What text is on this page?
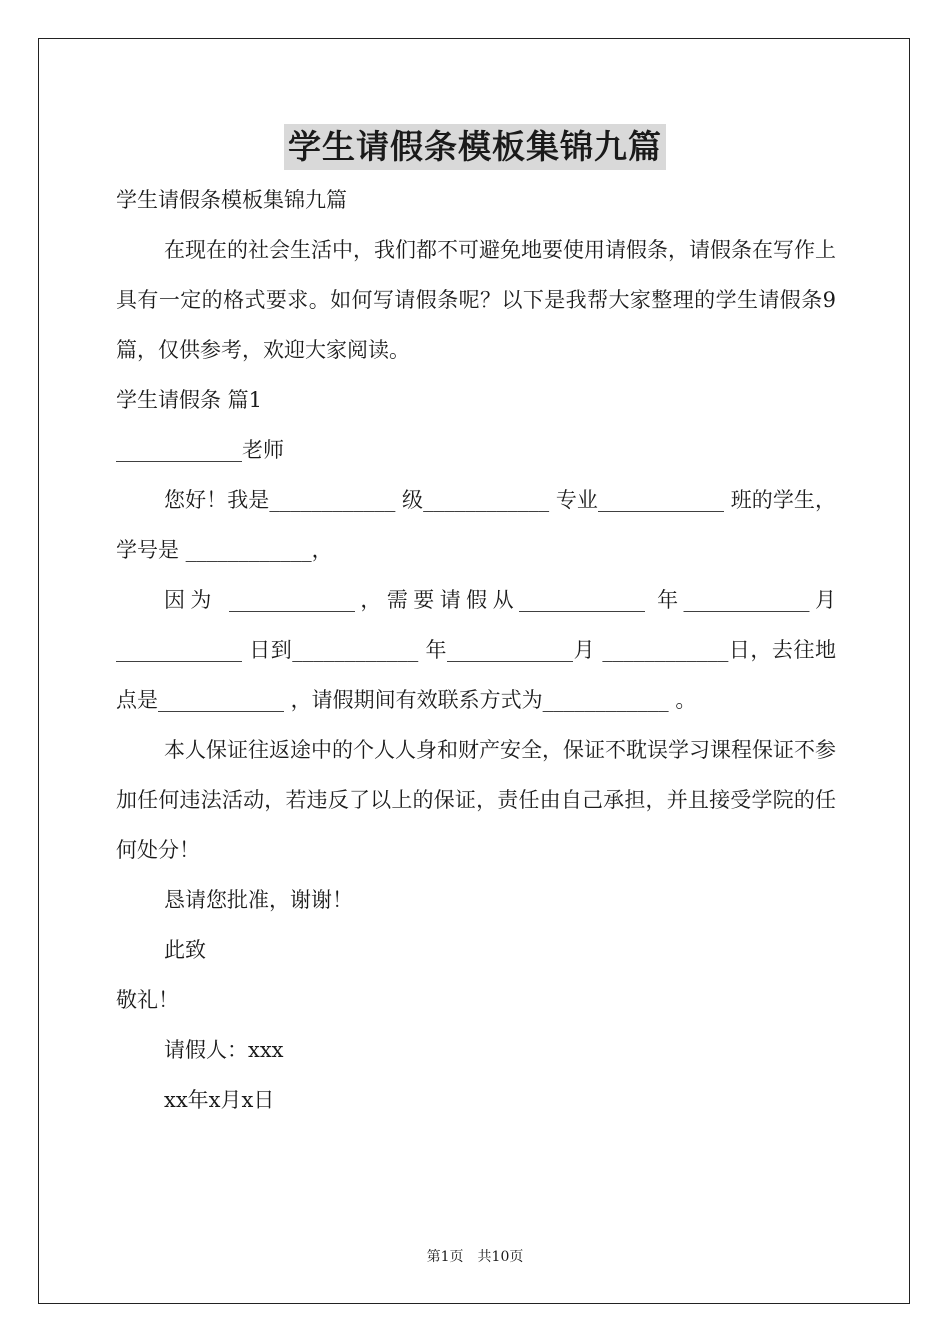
学生请假条模板集锦九篇

学生请假条模板集锦九篇

在现在的社会生活中，我们都不可避免地要使用请假条，请假条在写作上具有一定的格式要求。如何写请假条呢？以下是我帮大家整理的学生请假条9篇，仅供参考，欢迎大家阅读。

学生请假条 篇1

____________老师

您好！我是____________ 级____________ 专业____________ 班的学生，学号是 ____________，

因为 ____________，需要请假从____________ 年____________月____________ 日到____________ 年____________月 ____________日，去往地点是____________ ，请假期间有效联系方式为____________ 。

本人保证往返途中的个人人身和财产安全，保证不耽误学习课程保证不参加任何违法活动，若违反了以上的保证，责任由自己承担，并且接受学院的任何处分！

恳请您批准，谢谢！

此致

敬礼！

请假人：xxx

xx年x月x日

第1页　共10页
